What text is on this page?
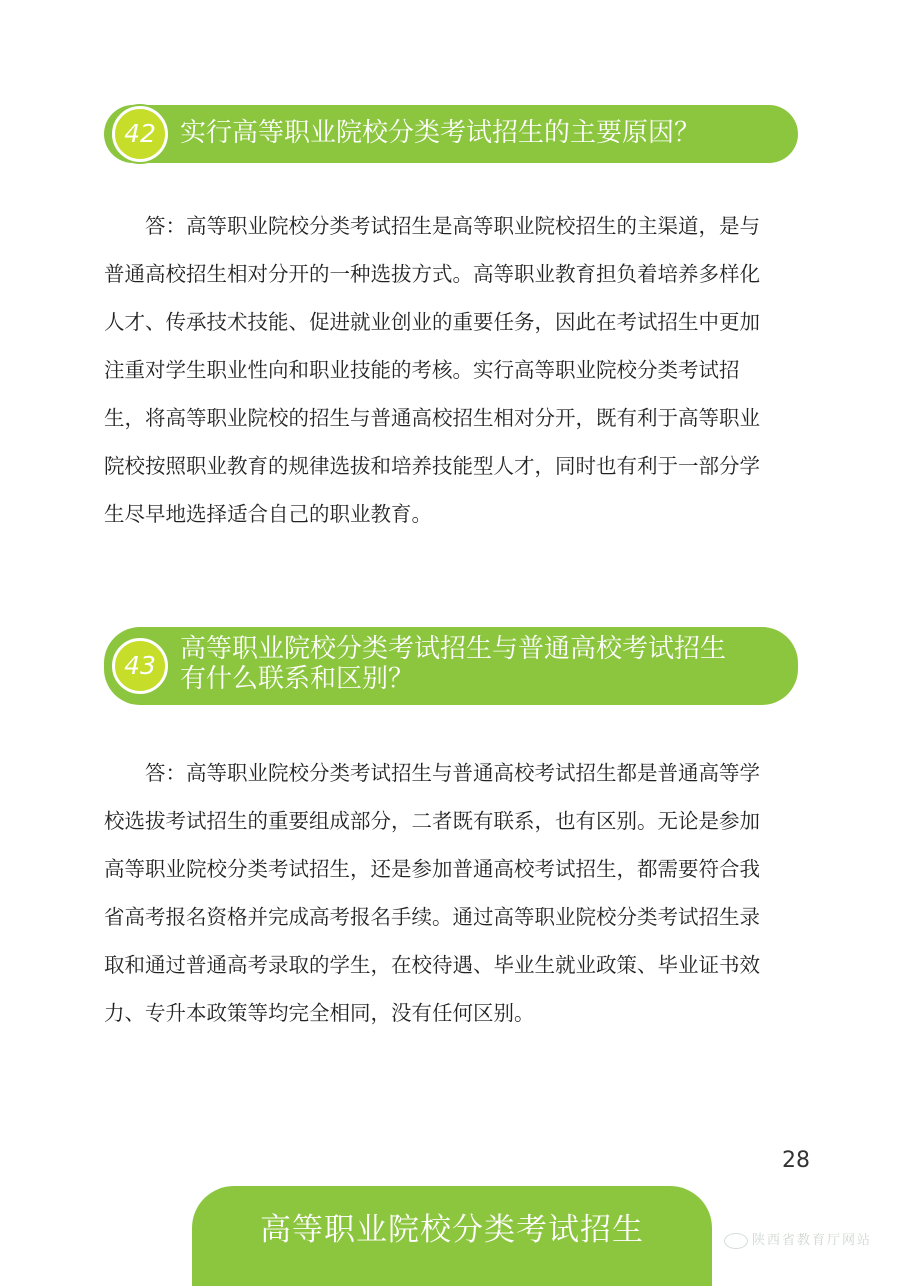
42 实行高等职业院校分类考试招生的主要原因？
答：高等职业院校分类考试招生是高等职业院校招生的主渠道，是与
普通高校招生相对分开的一种选拔方式。高等职业教育担负着培养多样化
人才、传承技术技能、促进就业创业的重要任务，因此在考试招生中更加
注重对学生职业性向和职业技能的考核。实行高等职业院校分类考试招
生，将高等职业院校的招生与普通高校招生相对分开，既有利于高等职业
院校按照职业教育的规律选拔和培养技能型人才，同时也有利于一部分学
生尽早地选择适合自己的职业教育。
43
高等职业院校分类考试招生与普通高校考试招生
有什么联系和区别？
答：高等职业院校分类考试招生与普通高校考试招生都是普通高等学
校选拔考试招生的重要组成部分，二者既有联系，也有区别。无论是参加
高等职业院校分类考试招生，还是参加普通高校考试招生，都需要符合我
省高考报名资格并完成高考报名手续。通过高等职业院校分类考试招生录
取和通过普通高考录取的学生，在校待遇、毕业生就业政策、毕业证书效
力、专升本政策等均完全相同，没有任何区别。
28
高等职业院校分类考试招生	陕西省教育厅网站
